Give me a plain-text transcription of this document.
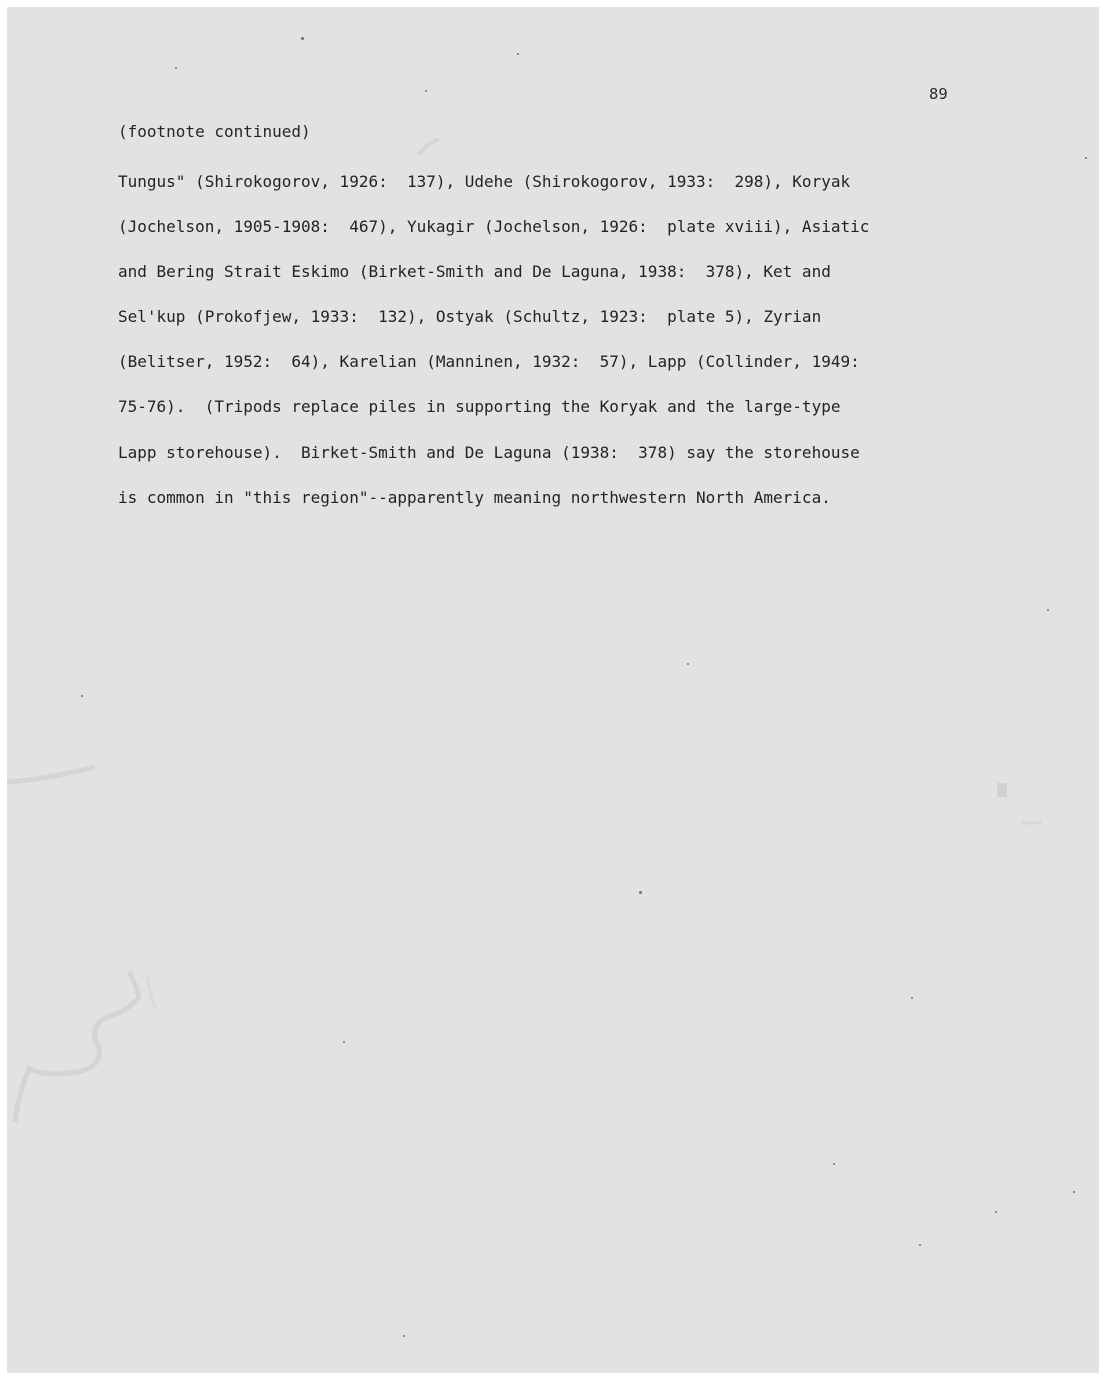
89
(footnote continued)
Tungus" (Shirokogorov, 1926:  137), Udehe (Shirokogorov, 1933:  298), Koryak
(Jochelson, 1905-1908:  467), Yukagir (Jochelson, 1926:  plate xviii), Asiatic
and Bering Strait Eskimo (Birket-Smith and De Laguna, 1938:  378), Ket and
Sel'kup (Prokofjew, 1933:  132), Ostyak (Schultz, 1923:  plate 5), Zyrian
(Belitser, 1952:  64), Karelian (Manninen, 1932:  57), Lapp (Collinder, 1949:
75-76).  (Tripods replace piles in supporting the Koryak and the large-type
Lapp storehouse).  Birket-Smith and De Laguna (1938:  378) say the storehouse
is common in "this region"--apparently meaning northwestern North America.
